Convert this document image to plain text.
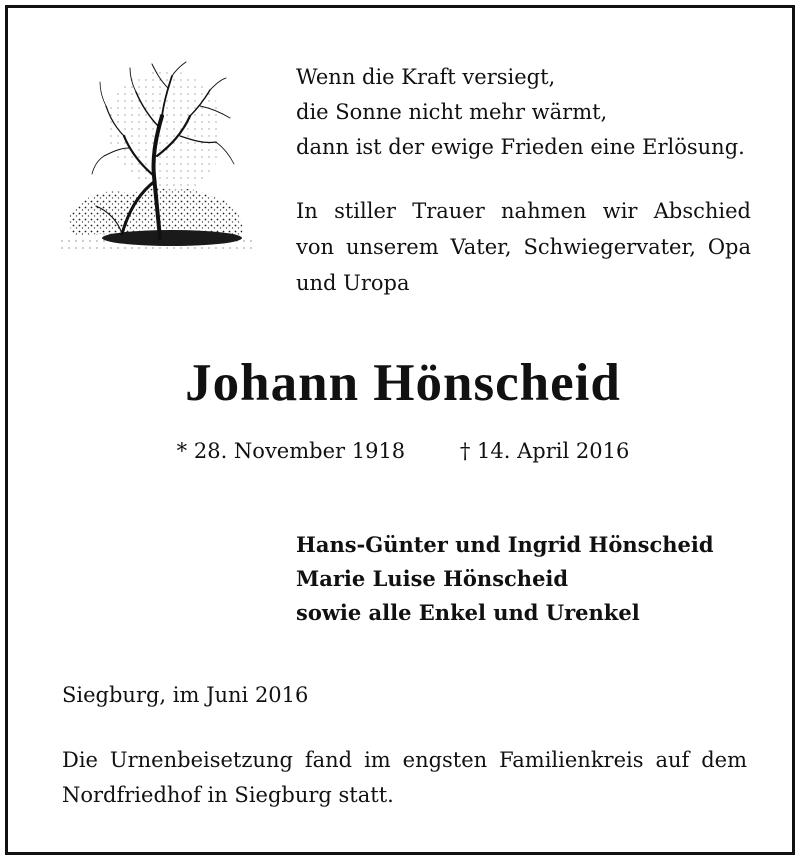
Wenn die Kraft versiegt,
die Sonne nicht mehr wärmt,
dann ist der ewige Frieden eine Erlösung.
In stiller Trauer nahmen wir Abschied
von unserem Vater, Schwiegervater, Opa
und Uropa
Johann Hönscheid
* 28. November 1918	† 14. April 2016
Hans-Günter und Ingrid Hönscheid
Marie Luise Hönscheid
sowie alle Enkel und Urenkel
Siegburg, im Juni 2016
Die Urnenbeisetzung fand im engsten Familienkreis auf dem
Nordfriedhof in Siegburg statt.
